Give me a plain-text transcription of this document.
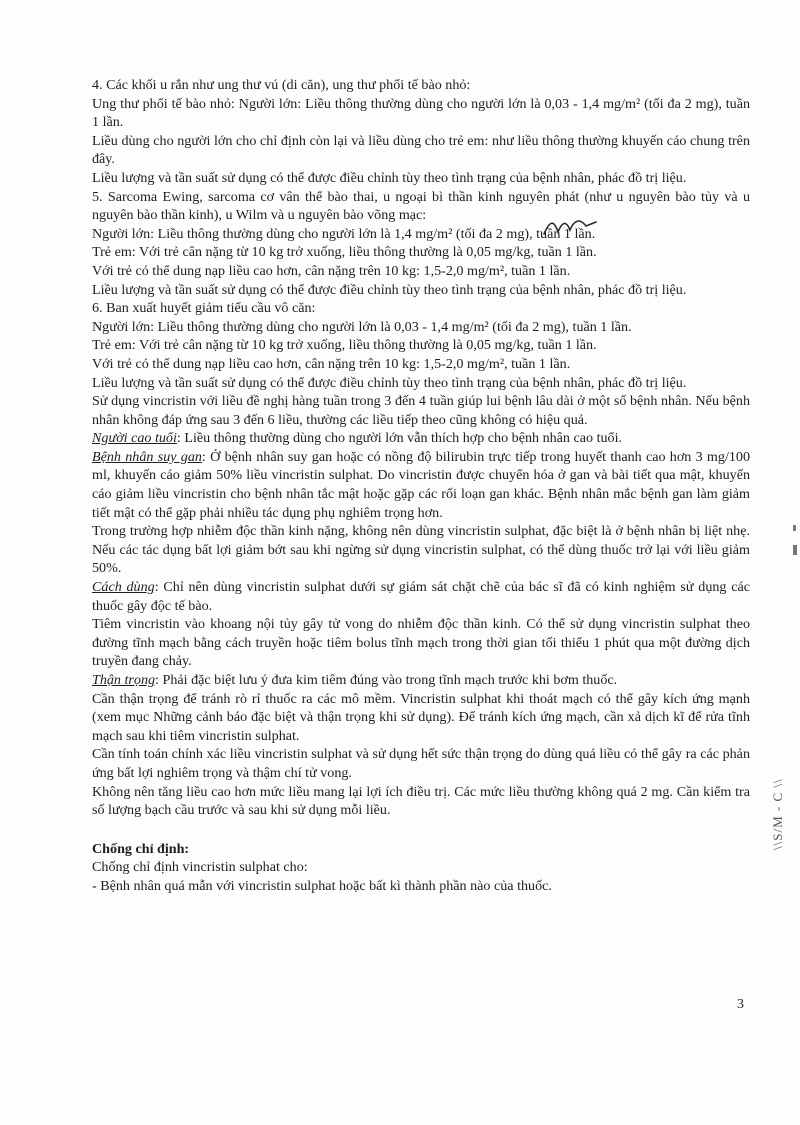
4. Các khối u rắn như ung thư vú (di căn), ung thư phổi tế bào nhỏ:

Ung thư phổi tế bào nhỏ: Người lớn: Liều thông thường dùng cho người lớn là 0,03 - 1,4 mg/m² (tối đa 2 mg), tuần 1 lần.

Liều dùng cho người lớn cho chỉ định còn lại và liều dùng cho trẻ em: như liều thông thường khuyến cáo chung trên đây.

Liều lượng và tần suất sử dụng có thể được điều chỉnh tùy theo tình trạng của bệnh nhân, phác đồ trị liệu.

5. Sarcoma Ewing, sarcoma cơ vân thể bào thai, u ngoại bì thần kinh nguyên phát (như u nguyên bào tủy và u nguyên bào thần kinh), u Wilm và u nguyên bào võng mạc:

Người lớn: Liều thông thường dùng cho người lớn là 1,4 mg/m² (tối đa 2 mg), tuần 1 lần.

Trẻ em: Với trẻ cân nặng từ 10 kg trở xuống, liều thông thường là 0,05 mg/kg, tuần 1 lần.

Với trẻ có thể dung nạp liều cao hơn, cân nặng trên 10 kg: 1,5-2,0 mg/m², tuần 1 lần.

Liều lượng và tần suất sử dụng có thể được điều chỉnh tùy theo tình trạng của bệnh nhân, phác đồ trị liệu.

6. Ban xuất huyết giảm tiểu cầu vô căn:

Người lớn: Liều thông thường dùng cho người lớn là 0,03 - 1,4 mg/m² (tối đa 2 mg), tuần 1 lần.

Trẻ em: Với trẻ cân nặng từ 10 kg trở xuống, liều thông thường là 0,05 mg/kg, tuần 1 lần.

Với trẻ có thể dung nạp liều cao hơn, cân nặng trên 10 kg: 1,5-2,0 mg/m², tuần 1 lần.

Liều lượng và tần suất sử dụng có thể được điều chỉnh tùy theo tình trạng của bệnh nhân, phác đồ trị liệu.

Sử dụng vincristin với liều đề nghị hàng tuần trong 3 đến 4 tuần giúp lui bệnh lâu dài ở một số bệnh nhân. Nếu bệnh nhân không đáp ứng sau 3 đến 6 liều, thường các liều tiếp theo cũng không có hiệu quả.

Người cao tuổi: Liều thông thường dùng cho người lớn vẫn thích hợp cho bệnh nhân cao tuổi.

Bệnh nhân suy gan: Ở bệnh nhân suy gan hoặc có nồng độ bilirubin trực tiếp trong huyết thanh cao hơn 3 mg/100 ml, khuyến cáo giảm 50% liều vincristin sulphat. Do vincristin được chuyển hóa ở gan và bài tiết qua mật, khuyến cáo giảm liều vincristin cho bệnh nhân tắc mật hoặc gặp các rối loạn gan khác. Bệnh nhân mắc bệnh gan làm giảm tiết mật có thể gặp phải nhiều tác dụng phụ nghiêm trọng hơn.

Trong trường hợp nhiễm độc thần kinh nặng, không nên dùng vincristin sulphat, đặc biệt là ở bệnh nhân bị liệt nhẹ. Nếu các tác dụng bất lợi giảm bớt sau khi ngừng sử dụng vincristin sulphat, có thể dùng thuốc trở lại với liều giảm 50%.

Cách dùng: Chỉ nên dùng vincristin sulphat dưới sự giám sát chặt chẽ của bác sĩ đã có kinh nghiệm sử dụng các thuốc gây độc tế bào.

Tiêm vincristin vào khoang nội tủy gây tử vong do nhiễm độc thần kinh. Có thể sử dụng vincristin sulphat theo đường tĩnh mạch bằng cách truyền hoặc tiêm bolus tĩnh mạch trong thời gian tối thiểu 1 phút qua một đường dịch truyền đang chảy.

Thận trọng: Phải đặc biệt lưu ý đưa kim tiêm đúng vào trong tĩnh mạch trước khi bơm thuốc.

Cần thận trọng để tránh rò rỉ thuốc ra các mô mềm. Vincristin sulphat khi thoát mạch có thể gây kích ứng mạnh (xem mục Những cảnh báo đặc biệt và thận trọng khi sử dụng). Để tránh kích ứng mạch, cần xả dịch kĩ để rửa tĩnh mạch sau khi tiêm vincristin sulphat.

Cần tính toán chính xác liều vincristin sulphat và sử dụng hết sức thận trọng do dùng quá liều có thể gây ra các phản ứng bất lợi nghiêm trọng và thậm chí tử vong.

Không nên tăng liều cao hơn mức liều mang lại lợi ích điều trị. Các mức liều thường không quá 2 mg. Cần kiểm tra số lượng bạch cầu trước và sau khi sử dụng mỗi liều.

Chống chỉ định:

Chống chỉ định vincristin sulphat cho:

- Bệnh nhân quá mẫn với vincristin sulphat hoặc bất kì thành phần nào của thuốc.

\\S/M - C \\
3
